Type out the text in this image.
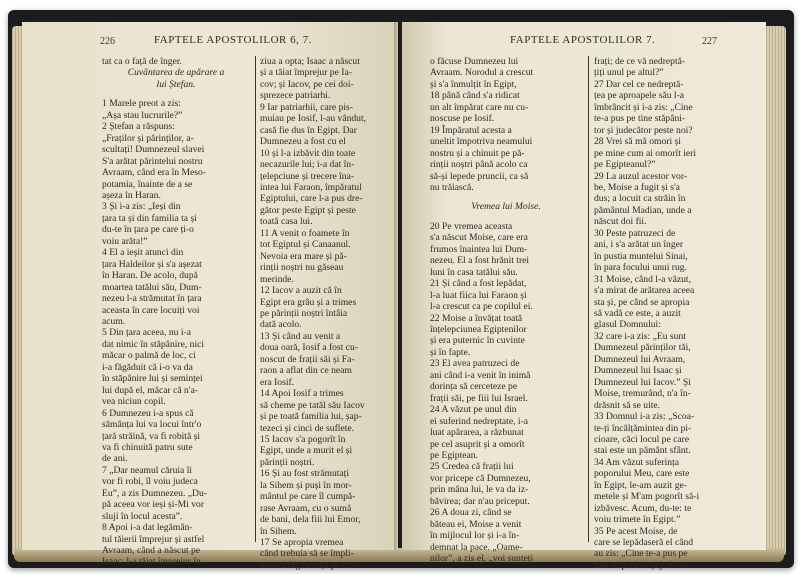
226	FAPTELE APOSTOLILOR 6, 7.

tat ca o față de înger.

Cuvântarea de apărare a

lui Ștefan.

1 Marele preot a zis:

„Așa stau lucrurile?”

2 Ștefan a răspuns:

„Fraților și părinților, a-

scultați! Dumnezeul slavei

S'a arătat părintelui nostru

Avraam, când era în Meso-

potamia, înainte de a se

așeza în Haran.

3 Și i-a zis: „Ieși din

țara ta și din familia ta și

du-te în țara pe care ți-o

voiu arăta!”

4 El a ieșit atunci din

țara Haldeilor și s'a așezat

în Haran. De acolo, după

moartea tatălui său, Dum-

nezeu l-a strămutat în țara

aceasta în care locuiți voi

acum.

5 Din țara aceea, nu i-a

dat nimic în stăpânire, nici

măcar o palmă de loc, ci

i-a făgăduit că i-o va da

în stăpânire lui și seminței

lui după el, măcar că n'a-

vea niciun copil.

6 Dumnezeu i-a spus că

sămânța lui va locui într'o

țară străină, va fi robită și

va fi chinuită patru sute

de ani.

7 „Dar neamul căruia îi

vor fi robi, îl voiu judeca

Eu”, a zis Dumnezeu. „Du-

pă aceea vor ieși și-Mi vor

sluji în locul acesta”.

8 Apoi i-a dat legămân-

tul tăierii împrejur și astfel

Avraam, când a născut pe

Isaac, l-a tăiat împrejur în

ziua a opta; Isaac a născut

și a tăiat împrejur pe Ia-

cov; și Iacov, pe cei doi-

sprezece patriarhi.

9 Iar patriarhii, care pis-

muiau pe Iosif, l-au vândut,

casă fie dus în Egipt. Dar

Dumnezeu a fost cu el

10 și l-a izbăvit din toate

necazurile lui; i-a dat în-

țelepciune și trecere îna-

intea lui Faraon, împăratul

Egiptului, care l-a pus dre-

gător peste Egipt și peste

toată casa lui.

11 A venit o foamete în

tot Egiptul și Canaanul.

Nevoia era mare și pă-

rinții noștri nu găseau

merinde.

12 Iacov a auzit că în

Egipt era grâu și a trimes

pe părinții noștri întâia

dată acolo.

13 Și când au venit a

doua oară, Iosif a fost cu-

noscut de frații săi și Fa-

raon a aflat din ce neam

era Iosif.

14 Apoi Iosif a trimes

să cheme pe tatăl său Iacov

și pe toată familia lui, șap-

tezeci și cinci de suflete.

15 Iacov s'a pogorît în

Egipt, unde a murit el și

părinții noștri.

16 Și au fost strămutați

la Sihem și puși în mor-

mântul pe care îl cumpă-

rase Avraam, cu o sumă

de bani, dela fiii lui Emor,

în Sihem.

17 Se apropia vremea

când trebuia să se împli-

nească făgăduința pe care

FAPTELE APOSTOLILOR 7.	227

o făcuse Dumnezeu lui

Avraam. Norodul a crescut

și s'a înmulțit în Egipt,

18 până când s'a ridicat

un alt împărat care nu cu-

noscuse pe Iosif.

19 Împăratul acesta a

uneltit împotriva neamului

nostru și a chinuit pe pă-

rinții noștri până acolo ca

să-și lepede pruncii, ca să

nu trăiască.

Vremea lui Moise.

20 Pe vremea aceasta

s'a născut Moise, care era

frumos înaintea lui Dum-

nezeu. El a fost hrănit trei

luni în casa tatălui său.

21 Și când a fost lepădat,

l-a luat fiica lui Faraon și

l-a crescut ca pe copilul ei.

22 Moise a învățat toată

înțelepciunea Egiptenilor

și era puternic în cuvinte

și în fapte.

23 El avea patruzeci de

ani când i-a venit în inimă

dorința să cerceteze pe

frații săi, pe fiii lui Israel.

24 A văzut pe unul din

ei suferind nedreptate, i-a

luat apărarea, a răzbunat

pe cel asuprit și a omorît

pe Egiptean.

25 Credea că frații lui

vor pricepe că Dumnezeu,

prin mâna lui, le va da iz-

băvirea; dar n'au priceput.

26 A doua zi, când se

băteau ei, Moise a venit

în mijlocul lor și i-a în-

demnat la pace. „Oame-

nilor”, a zis el, „voi sunteți

frați; de ce vă nedreptă-

țiți unul pe altul?”

27 Dar cel ce nedreptă-

țea pe aproapele său l-a

îmbrâncit și i-a zis: „Cine

te-a pus pe tine stăpâni-

tor și judecător peste noi?

28 Vrei să mă omori și

pe mine cum ai omorît ieri

pe Egipteanul?”

29 La auzul acestor vor-

be, Moise a fugit și s'a

dus; a locuit ca străin în

pământul Madian, unde a

născut doi fii.

30 Peste patruzeci de

ani, i s'a arătat un înger

în pustia muntelui Sinai,

în para focului unui rug.

31 Moise, când l-a văzut,

s'a mirat de arătarea aceea

sta și, pe când se apropia

să vadă ce este, a auzit

glasul Domnului:

32 care i-a zis: „Eu sunt

Dumnezeul părinților tăi,

Dumnezeul lui Avraam,

Dumnezeul lui Isaac și

Dumnezeul lui Iacov.” Și

Moise, tremurând, n'a în-

drăsnit să se uite.

33 Domnul i-a zis: „Scoa-

te-ți încălțămintea din pi-

cioare, căci locul pe care

stai este un pământ sfânt.

34 Am văzut suferința

poporului Meu, care este

în Egipt, le-am auzit ge-

metele și M'am pogorît să-i

izbăvesc. Acum, du-te: te

voiu trimete în Egipt.”

35 Pe acest Moise, de

care se lepădaseră el când

au zis: „Cine te-a pus pe

tine stăpânitor și judecă-
